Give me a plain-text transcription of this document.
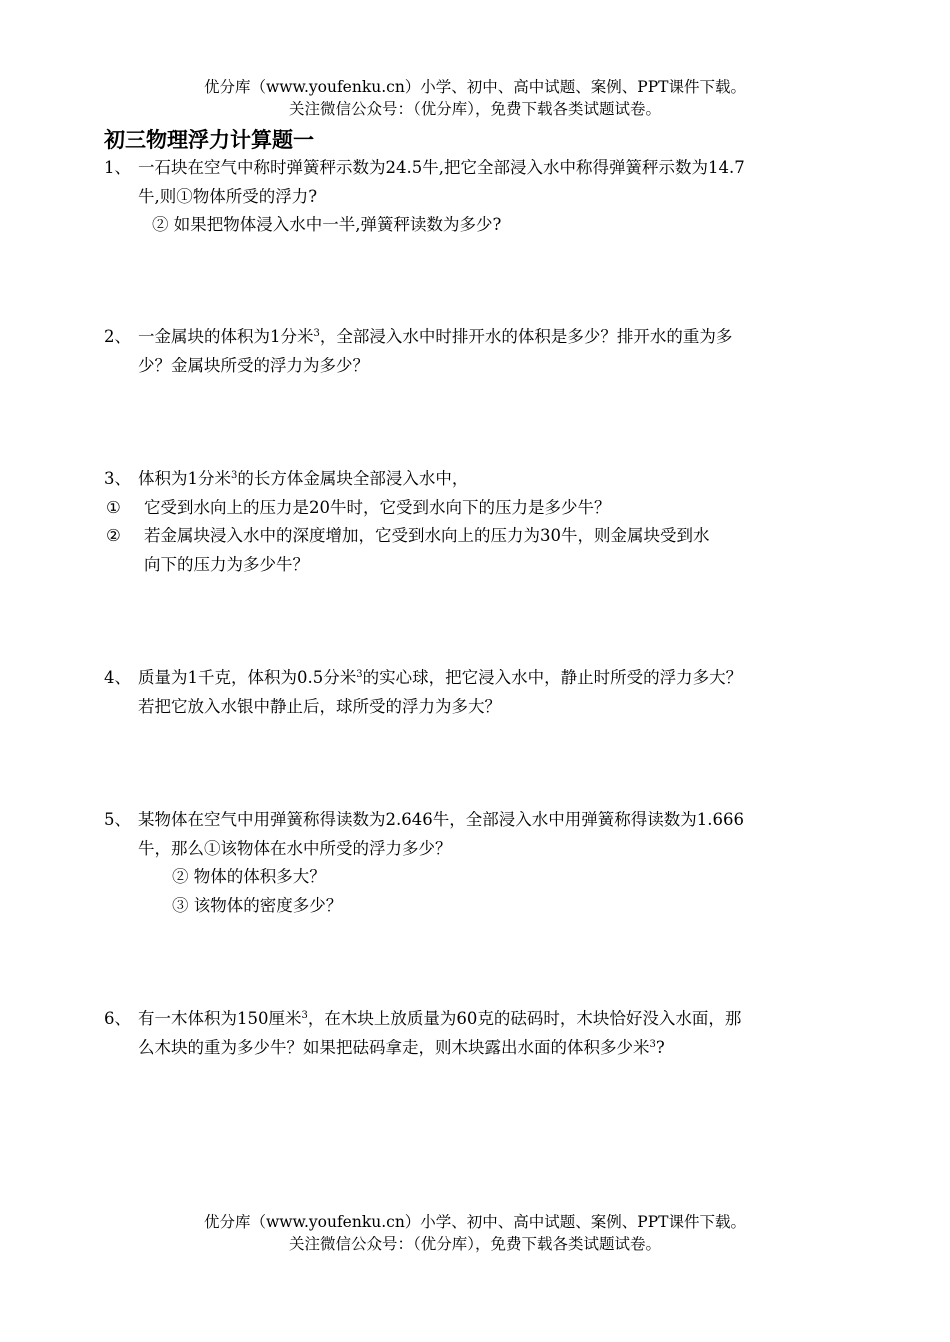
优分库（www.youfenku.cn）小学、初中、高中试题、案例、PPT课件下载。
关注微信公众号：（优分库），免费下载各类试题试卷。
初三物理浮力计算题一
1、 一石块在空气中称时弹簧秤示数为24.5牛,把它全部浸入水中称得弹簧秤示数为14.7
牛,则①物体所受的浮力?
② 如果把物体浸入水中一半,弹簧秤读数为多少?
2、 一金属块的体积为1分米$^3$，全部浸入水中时排开水的体积是多少？排开水的重为多
少？金属块所受的浮力为多少？
3、 体积为1分米$^3$的长方体金属块全部浸入水中，
①	它受到水向上的压力是20牛时，它受到水向下的压力是多少牛？
②	若金属块浸入水中的深度增加，它受到水向上的压力为30牛，则金属块受到水
向下的压力为多少牛？
4、 质量为1千克，体积为0.5分米$^3$的实心球，把它浸入水中，静止时所受的浮力多大？
若把它放入水银中静止后，球所受的浮力为多大？
5、 某物体在空气中用弹簧称得读数为2.646牛，全部浸入水中用弹簧称得读数为1.666
牛，那么①该物体在水中所受的浮力多少？
② 物体的体积多大？
③ 该物体的密度多少？
6、 有一木体积为150厘米$^3$，在木块上放质量为60克的砝码时，木块恰好没入水面，那
么木块的重为多少牛？如果把砝码拿走，则木块露出水面的体积多少米$^3$?
优分库（www.youfenku.cn）小学、初中、高中试题、案例、PPT课件下载。
关注微信公众号：（优分库），免费下载各类试题试卷。
